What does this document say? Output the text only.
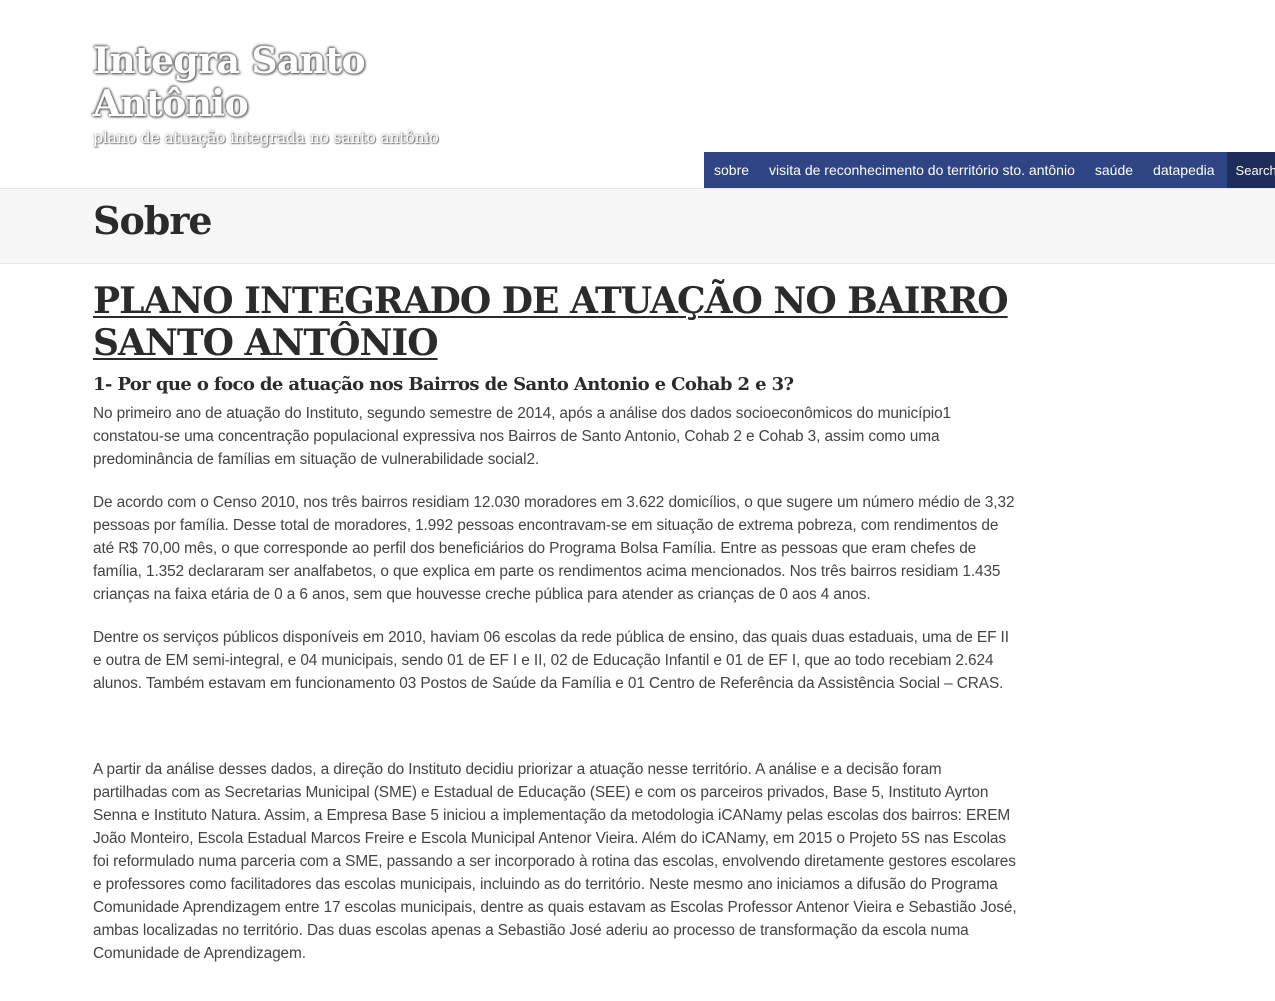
Integra Santo
Antônio

plano de atuação integrada no santo antônio

sobre	visita de reconhecimento do território sto. antônio	saúde	datapedia
Search here...
Sobre
PLANO INTEGRADO DE ATUAÇÃO NO BAIRRO SANTO ANTÔNIO
1- Por que o foco de atuação nos Bairros de Santo Antonio e Cohab 2 e 3?

No primeiro ano de atuação do Instituto, segundo semestre de 2014, após a análise dos dados socioeconômicos do município1 constatou-se uma concentração populacional expressiva nos Bairros de Santo Antonio, Cohab 2 e Cohab 3, assim como uma predominância de famílias em situação de vulnerabilidade social2.

De acordo com o Censo 2010, nos três bairros residiam 12.030 moradores em 3.622 domicílios, o que sugere um número médio de 3,32 pessoas por família. Desse total de moradores, 1.992 pessoas encontravam-se em situação de extrema pobreza, com rendimentos de até R$ 70,00 mês, o que corresponde ao perfil dos beneficiários do Programa Bolsa Família. Entre as pessoas que eram chefes de família, 1.352 declararam ser analfabetos, o que explica em parte os rendimentos acima mencionados. Nos três bairros residiam 1.435 crianças na faixa etária de 0 a 6 anos, sem que houvesse creche pública para atender as crianças de 0 aos 4 anos.

Dentre os serviços públicos disponíveis em 2010, haviam 06 escolas da rede pública de ensino, das quais duas estaduais, uma de EF II e outra de EM semi-integral, e 04 municipais, sendo 01 de EF I e II, 02 de Educação Infantil e 01 de EF I, que ao todo recebiam 2.624 alunos. Também estavam em funcionamento 03 Postos de Saúde da Família e 01 Centro de Referência da Assistência Social – CRAS.

A partir da análise desses dados, a direção do Instituto decidiu priorizar a atuação nesse território. A análise e a decisão foram partilhadas com as Secretarias Municipal (SME) e Estadual de Educação (SEE) e com os parceiros privados, Base 5, Instituto Ayrton Senna e Instituto Natura. Assim, a Empresa Base 5 iniciou a implementação da metodologia iCANamy pelas escolas dos bairros: EREM João Monteiro, Escola Estadual Marcos Freire e Escola Municipal Antenor Vieira. Além do iCANamy, em 2015 o Projeto 5S nas Escolas foi reformulado numa parceria com a SME, passando a ser incorporado à rotina das escolas, envolvendo diretamente gestores escolares e professores como facilitadores das escolas municipais, incluindo as do território. Neste mesmo ano iniciamos a difusão do Programa Comunidade Aprendizagem entre 17 escolas municipais, dentre as quais estavam as Escolas Professor Antenor Vieira e Sebastião José, ambas localizadas no território. Das duas escolas apenas a Sebastião José aderiu ao processo de transformação da escola numa Comunidade de Aprendizagem.
